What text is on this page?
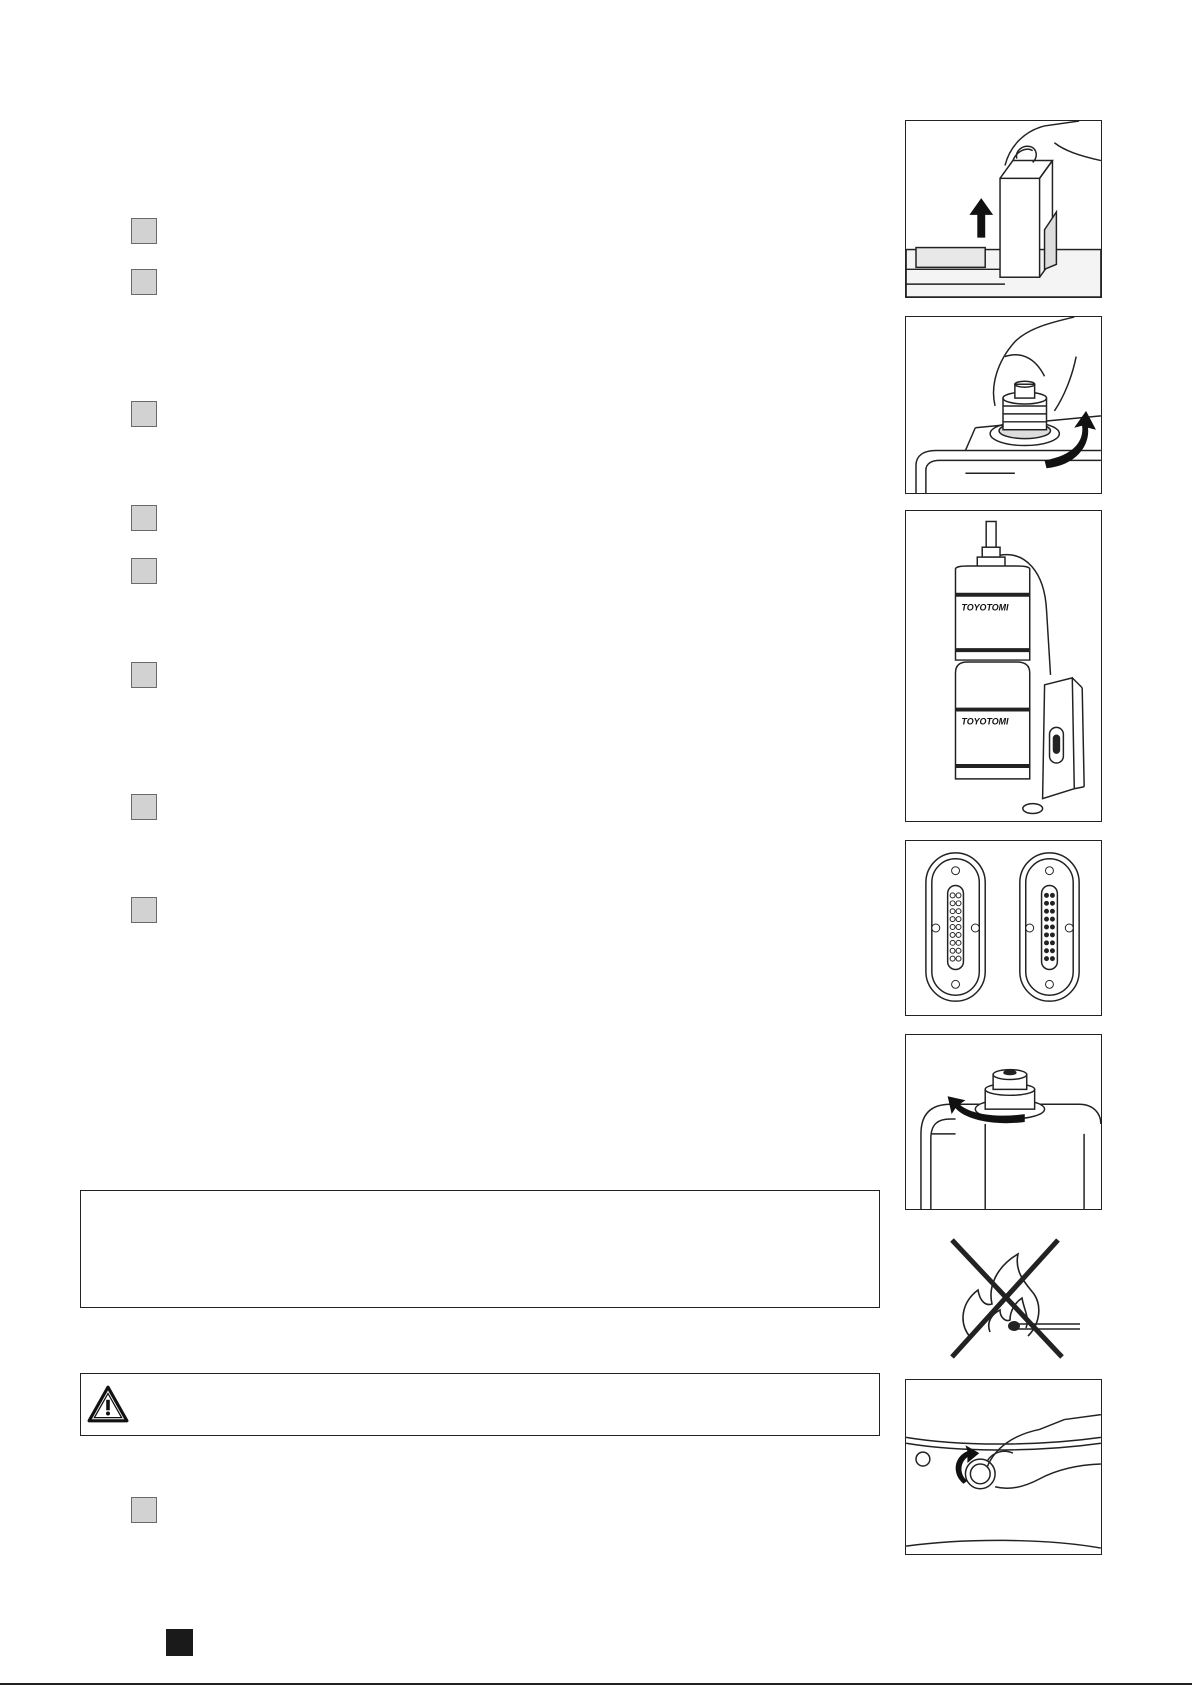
TOYOTOMI
TOYOTOMI
